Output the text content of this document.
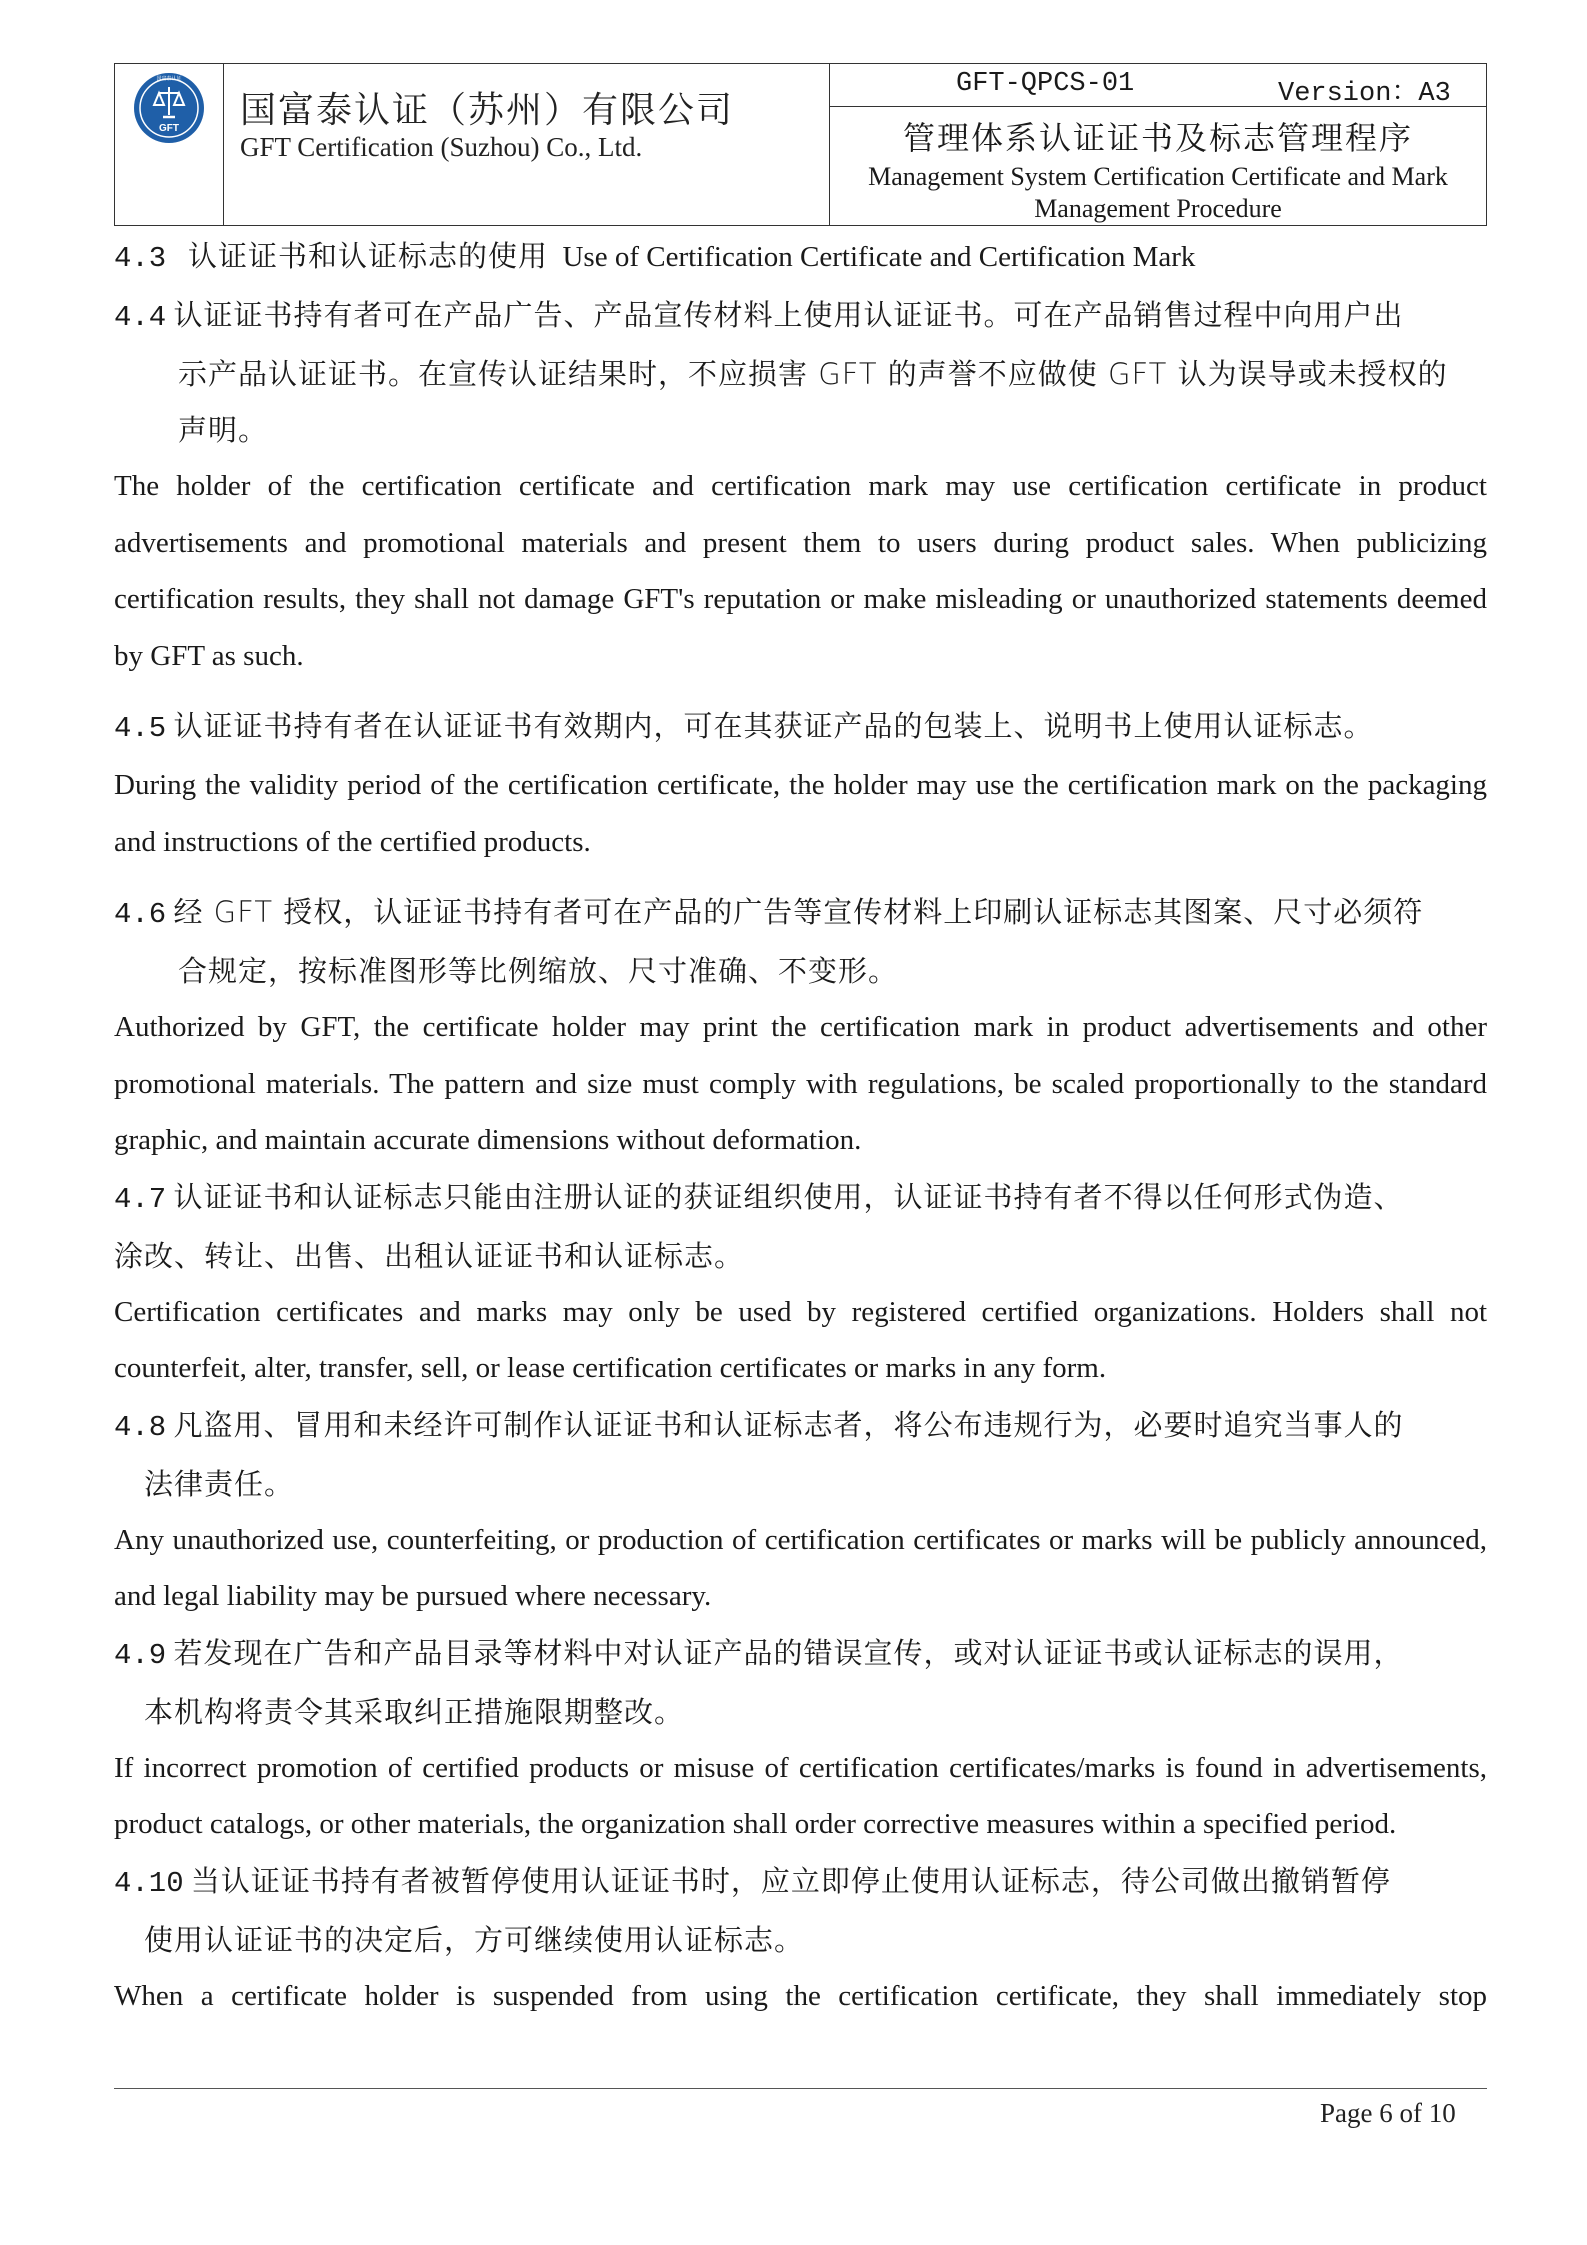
GFT
国富泰认证

国富泰认证（苏州）有限公司
GFT Certification (Suzhou) Co., Ltd.

GFT-QPCS-01	Version：A3
管理体系认证证书及标志管理程序
Management System Certification Certificate and Mark Management Procedure

4.3 认证证书和认证标志的使用 Use of Certification Certificate and Certification Mark

4.4 认证证书持有者可在产品广告、产品宣传材料上使用认证证书。可在产品销售过程中向用户出

示产品认证证书。在宣传认证结果时，不应损害 GFT 的声誉不应做使 GFT 认为误导或未授权的

声明。

The holder of the certification certificate and certification mark may use certification certificate in product advertisements and promotional materials and present them to users during product sales. When publicizing certification results, they shall not damage GFT's reputation or make misleading or unauthorized statements deemed by GFT as such.

4.5 认证证书持有者在认证证书有效期内，可在其获证产品的包装上、说明书上使用认证标志。

During the validity period of the certification certificate, the holder may use the certification mark on the packaging and instructions of the certified products.

4.6 经 GFT 授权，认证证书持有者可在产品的广告等宣传材料上印刷认证标志其图案、尺寸必须符

合规定，按标准图形等比例缩放、尺寸准确、不变形。

Authorized by GFT, the certificate holder may print the certification mark in product advertisements and other promotional materials. The pattern and size must comply with regulations, be scaled proportionally to the standard graphic, and maintain accurate dimensions without deformation.

4.7 认证证书和认证标志只能由注册认证的获证组织使用，认证证书持有者不得以任何形式伪造、

涂改、转让、出售、出租认证证书和认证标志。

Certification certificates and marks may only be used by registered certified organizations. Holders shall not counterfeit, alter, transfer, sell, or lease certification certificates or marks in any form.

4.8 凡盗用、冒用和未经许可制作认证证书和认证标志者，将公布违规行为，必要时追究当事人的

法律责任。

Any unauthorized use, counterfeiting, or production of certification certificates or marks will be publicly announced, and legal liability may be pursued where necessary.

4.9 若发现在广告和产品目录等材料中对认证产品的错误宣传，或对认证证书或认证标志的误用，

本机构将责令其采取纠正措施限期整改。

If incorrect promotion of certified products or misuse of certification certificates/marks is found in advertisements, product catalogs, or other materials, the organization shall order corrective measures within a specified period.

4.10 当认证证书持有者被暂停使用认证证书时，应立即停止使用认证标志，待公司做出撤销暂停

使用认证证书的决定后，方可继续使用认证标志。

When a certificate holder is suspended from using the certification certificate, they shall immediately stop

Page 6 of 10
